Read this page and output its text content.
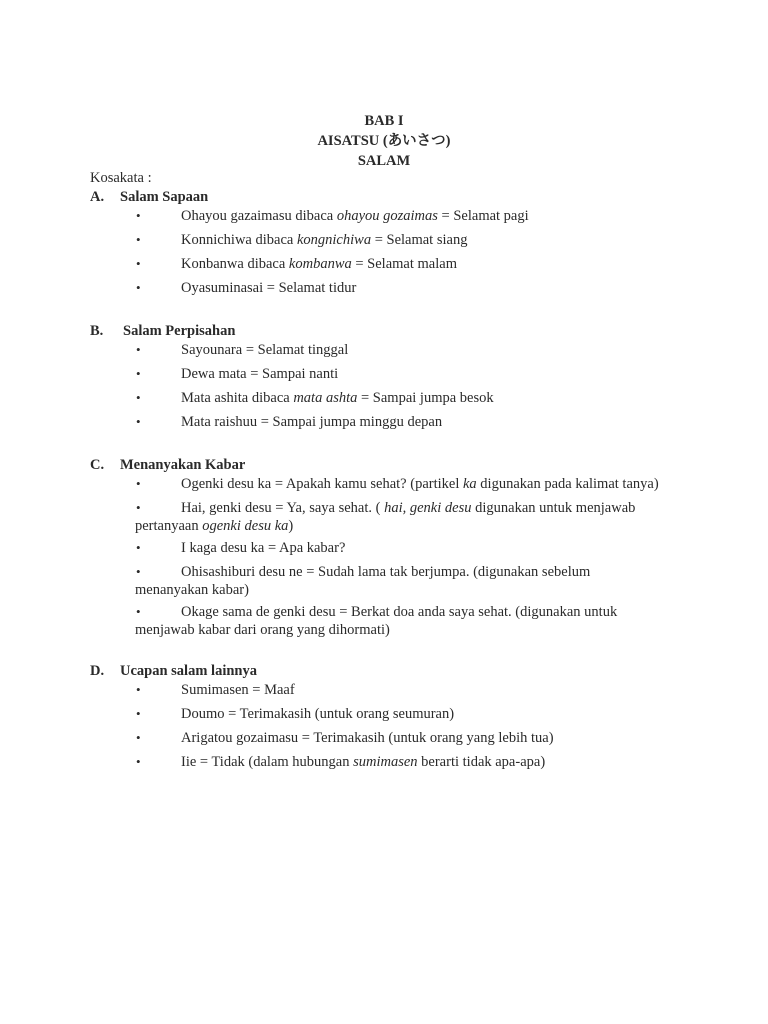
BAB I
AISATSU (あいさつ)
SALAM

Kosakata :

A. Salam Sapaan
•	Ohayou gazaimasu dibaca ohayou gozaimas = Selamat pagi
•	Konnichiwa dibaca kongnichiwa = Selamat siang
•	Konbanwa dibaca kombanwa = Selamat malam
•	Oyasuminasai = Selamat tidur
B. Salam Perpisahan
•	Sayounara = Selamat tinggal
•	Dewa mata = Sampai nanti
•	Mata ashita dibaca mata ashta = Sampai jumpa besok
•	Mata raishuu = Sampai jumpa minggu depan
C. Menanyakan Kabar
•	Ogenki desu ka = Apakah kamu sehat? (partikel ka digunakan pada kalimat tanya)
•	Hai, genki desu = Ya, saya sehat. ( hai, genki desu digunakan untuk menjawab
pertanyaan ogenki desu ka)
•	I kaga desu ka = Apa kabar?
•	Ohisashiburi desu ne = Sudah lama tak berjumpa. (digunakan sebelum
menanyakan kabar)
•	Okage sama de genki desu = Berkat doa anda saya sehat. (digunakan untuk
menjawab kabar dari orang yang dihormati)
D. Ucapan salam lainnya
•	Sumimasen = Maaf
•	Doumo = Terimakasih (untuk orang seumuran)
•	Arigatou gozaimasu = Terimakasih (untuk orang yang lebih tua)
•	Iie = Tidak (dalam hubungan sumimasen berarti tidak apa-apa)
